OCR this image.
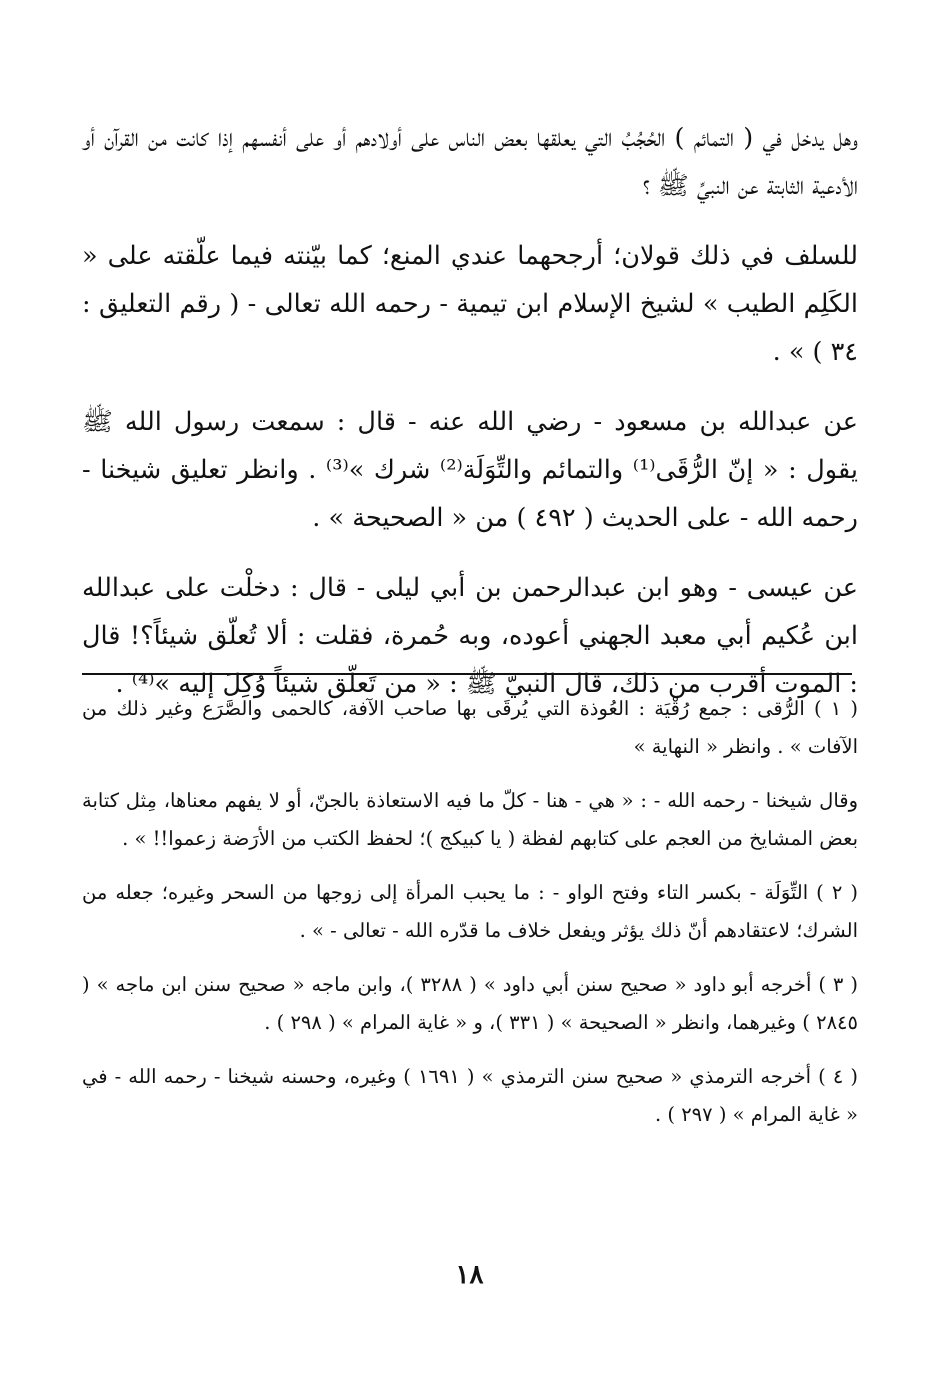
وهل يدخل في ( التمائم ) الحُجُبُ التي يعلقها بعض الناس على أولادهم أو على أنفسهم إذا كانت من القرآن أو الأدعية الثابتة عن النبيِّ ﷺ ؟

للسلف في ذلك قولان؛ أرجحهما عندي المنع؛ كما بيّنته فيما علّقته على « الكَلِم الطيب » لشيخ الإسلام ابن تيمية - رحمه الله تعالى - ( رقم التعليق : ٣٤ ) » .

عن عبدالله بن مسعود - رضي الله عنه - قال : سمعت رسول الله ﷺ يقول : « إنّ الرُّقَى⁽¹⁾ والتمائم والتِّوَلَة⁽²⁾ شرك »⁽³⁾ . وانظر تعليق شيخنا - رحمه الله - على الحديث ( ٤٩٢ ) من « الصحيحة » .

عن عيسى - وهو ابن عبدالرحمن بن أبي ليلى - قال : دخلْت على عبدالله ابن عُكيم أبي معبد الجهني أعوده، وبه حُمرة، فقلت : ألا تُعلّق شيئاً؟! قال : الموت أقرب من ذلك، قال النبيّ ﷺ : « من تَعلّق شيئاً وُكِلَ إليه »⁽⁴⁾ .

( ١ ) الرُّقى : جمع رُقْيَة : العُوذة التي يُرقَى بها صاحب الآفة، كالحمى والصَّرَع وغير ذلك من الآفات » . وانظر « النهاية »

وقال شيخنا - رحمه الله - : « هي - هنا - كلّ ما فيه الاستعاذة بالجنّ، أو لا يفهم معناها، مِثل كتابة بعض المشايخ من العجم على كتابهم لفظة ( يا كبيكج )؛ لحفظ الكتب من الأرَضة زعموا!! » .

( ٢ ) التِّوَلَة - بكسر التاء وفتح الواو - : ما يحبب المرأة إلى زوجها من السحر وغيره؛ جعله من الشرك؛ لاعتقادهم أنّ ذلك يؤثر ويفعل خلاف ما قدّره الله - تعالى - » .

( ٣ ) أخرجه أبو داود « صحيح سنن أبي داود » ( ٣٢٨٨ )، وابن ماجه « صحيح سنن ابن ماجه » ( ٢٨٤٥ ) وغيرهما، وانظر « الصحيحة » ( ٣٣١ )، و « غاية المرام » ( ٢٩٨ ) .

( ٤ ) أخرجه الترمذي « صحيح سنن الترمذي » ( ١٦٩١ ) وغيره، وحسنه شيخنا - رحمه الله - في « غاية المرام » ( ٢٩٧ ) .

١٨
